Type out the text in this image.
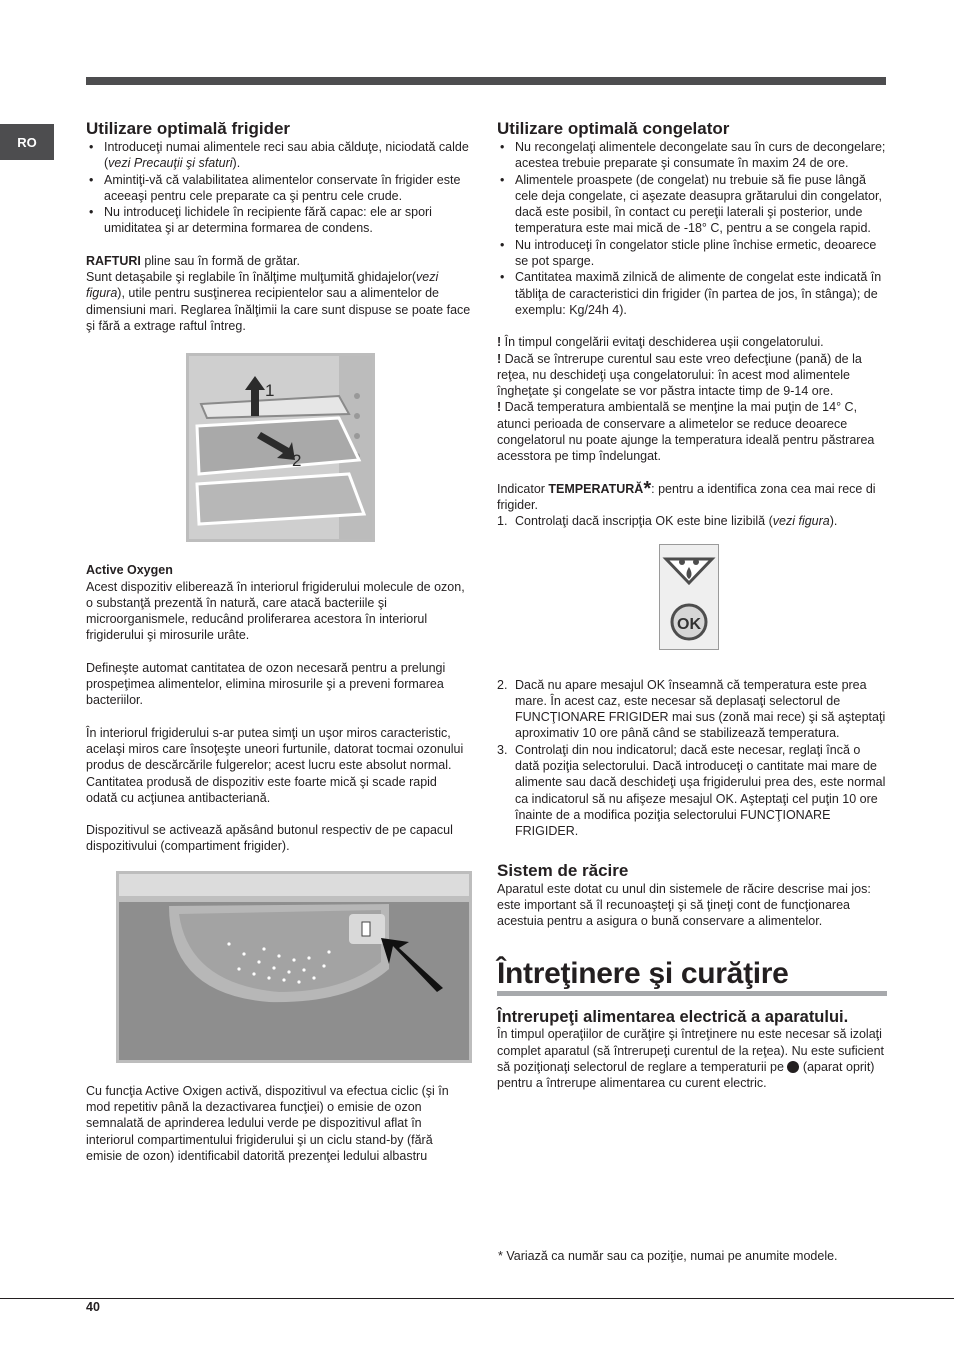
RO
Utilizare optimală frigider
• Introduceţi numai alimentele reci sau abia călduţe, niciodată calde (vezi Precauţii şi sfaturi).
• Amintiţi-vă că valabilitatea alimentelor conservate în frigider este aceeaşi pentru cele preparate ca şi pentru cele crude.
• Nu introduceţi lichidele în recipiente fără capac: ele ar spori umiditatea şi ar determina formarea de condens.

RAFTURI pline sau în formă de grătar.
Sunt detaşabile şi reglabile în înălţime mulţumită ghidajelor(vezi figura), utile pentru susţinerea recipientelor sau a alimentelor de dimensiuni mari. Reglarea înălţimii la care sunt dispuse se poate face şi fără a extrage raftul întreg.

1
2

Active Oxygen

Acest dispozitiv eliberează în interiorul frigiderului molecule de ozon, o substanţă prezentă în natură, care atacă bacteriile şi microorganismele, reducând proliferarea acestora în interiorul frigiderului şi mirosurile urâte.

Defineşte automat cantitatea de ozon necesară pentru a prelungi prospeţimea alimentelor, elimina mirosurile şi a preveni formarea bacteriilor.

În interiorul frigiderului s-ar putea simţi un uşor miros caracteristic, acelaşi miros care însoţeşte uneori furtunile, datorat tocmai ozonului produs de descărcările fulgerelor; acest lucru este absolut normal. Cantitatea produsă de dispozitiv este foarte mică şi scade rapid odată cu acţiunea antibacteriană.

Dispozitivul se activează apăsând butonul respectiv de pe capacul dispozitivului (compartiment frigider).

Cu funcţia Active Oxigen activă, dispozitivul va efectua ciclic (şi în mod repetitiv până la dezactivarea funcţiei) o emisie de ozon semnalată de aprinderea ledului verde pe dispozitivul aflat în interiorul compartimentului frigiderului şi un ciclu stand-by (fără emisie de ozon) identificabil datorită prezenţei ledului albastru

Utilizare optimală congelator
• Nu recongelaţi alimentele decongelate sau în curs de decongelare; acestea trebuie preparate şi consumate în maxim 24 de ore.
• Alimentele proaspete (de congelat) nu trebuie să fie puse lângă cele deja congelate, ci aşezate deasupra grătarului din congelator, dacă este posibil, în contact cu pereţii laterali şi posterior, unde temperatura este mai mică de -18° C, pentru a se congela rapid.
• Nu introduceţi în congelator sticle pline închise ermetic, deoarece se pot sparge.
• Cantitatea maximă zilnică de alimente de congelat este indicată în tăbliţa de caracteristici din frigider (în partea de jos, în stânga); de exemplu: Kg/24h 4).

! În timpul congelării evitaţi deschiderea uşii congelatorului.

! Dacă se întrerupe curentul sau este vreo defecţiune (pană) de la reţea, nu deschideţi uşa congelatorului: în acest mod alimentele îngheţate şi congelate se vor păstra intacte timp de 9-14 ore.

! Dacă temperatura ambientală se menţine la mai puţin de 14° C, atunci perioada de conservare a alimetelor se reduce deoarece congelatorul nu poate ajunge la temperatura ideală pentru păstrarea acesstora pe timp îndelungat.

Indicator TEMPERATURĂ*: pentru a identifica zona cea mai rece di frigider.

1. Controlaţi dacă inscripţia OK este bine lizibilă (vezi figura).
OK
2. Dacă nu apare mesajul OK înseamnă că temperatura este prea mare. În acest caz, este necesar să deplasaţi selectorul de FUNCŢIONARE FRIGIDER mai sus (zonă mai rece) şi să aşteptaţi aproximativ 10 ore până când se stabilizează temperatura.
3. Controlaţi din nou indicatorul; dacă este necesar, reglaţi încă o dată poziţia selectorului. Dacă introduceţi o cantitate mai mare de alimente sau dacă deschideţi uşa frigiderului prea des, este normal ca indicatorul să nu afişeze mesajul OK. Aşteptaţi cel puţin 10 ore înainte de a modifica poziţia selectorului FUNCŢIONARE FRIGIDER.
Sistem de răcire

Aparatul este dotat cu unul din sistemele de răcire descrise mai jos: este important să îl recunoaşteţi şi să ţineţi cont de funcţionarea acestuia pentru a asigura o bună conservare a alimentelor.

Întreţinere şi curăţire
Întrerupeţi alimentarea electrică a aparatului.

În timpul operaţiilor de curăţire şi întreţinere nu este necesar să izolaţi complet aparatul (să întrerupeţi curentul de la reţea). Nu este suficient să poziţionaţi selectorul de reglare a temperaturii pe  (aparat oprit) pentru a întrerupe alimentarea cu curent electric.

* Variază ca număr sau ca poziţie, numai pe anumite modele.
40
